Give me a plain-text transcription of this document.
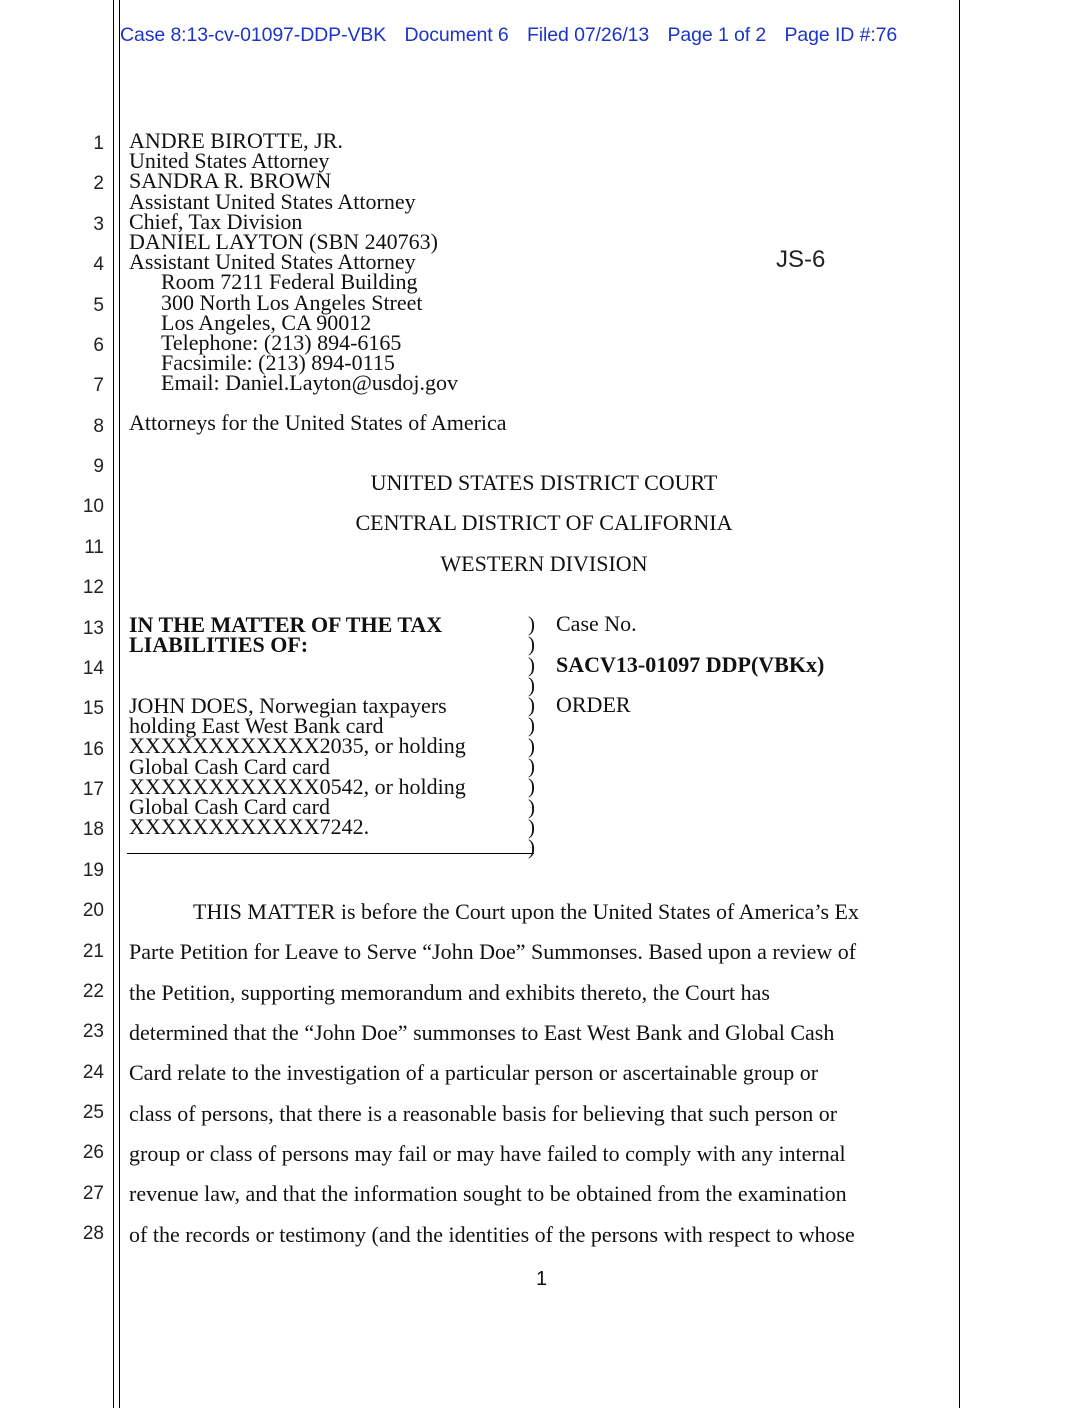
Case 8:13-cv-01097-DDP-VBK Document 6 Filed 07/26/13 Page 1 of 2 Page ID #:76
1
2
3
4
5
6
7
8
9
10
11
12
13
14
15
16
17
18
19
20
21
22
23
24
25
26
27
28
ANDRE BIROTTE, JR.
United States Attorney
SANDRA R. BROWN
Assistant United States Attorney
Chief, Tax Division
DANIEL LAYTON (SBN 240763)
Assistant United States Attorney
Room 7211 Federal Building
300 North Los Angeles Street
Los Angeles, CA 90012
Telephone: (213) 894-6165
Facsimile: (213) 894-0115
Email: Daniel.Layton@usdoj.gov
JS-6
Attorneys for the United States of America
UNITED STATES DISTRICT COURT
CENTRAL DISTRICT OF CALIFORNIA
WESTERN DIVISION
IN THE MATTER OF THE TAX
LIABILITIES OF:
JOHN DOES, Norwegian taxpayers
holding East West Bank card
XXXXXXXXXXXX2035, or holding
Global Cash Card card
XXXXXXXXXXXX0542, or holding
Global Cash Card card
XXXXXXXXXXXX7242.
)
)
)
)
)
)
)
)
)
)
)
)
Case No.
SACV13-01097 DDP(VBKx)
ORDER
THIS MATTER is before the Court upon the United States of America’s Ex
Parte Petition for Leave to Serve “John Doe” Summonses. Based upon a review of
the Petition, supporting memorandum and exhibits thereto, the Court has
determined that the “John Doe” summonses to East West Bank and Global Cash
Card relate to the investigation of a particular person or ascertainable group or
class of persons, that there is a reasonable basis for believing that such person or
group or class of persons may fail or may have failed to comply with any internal
revenue law, and that the information sought to be obtained from the examination
of the records or testimony (and the identities of the persons with respect to whose
1
